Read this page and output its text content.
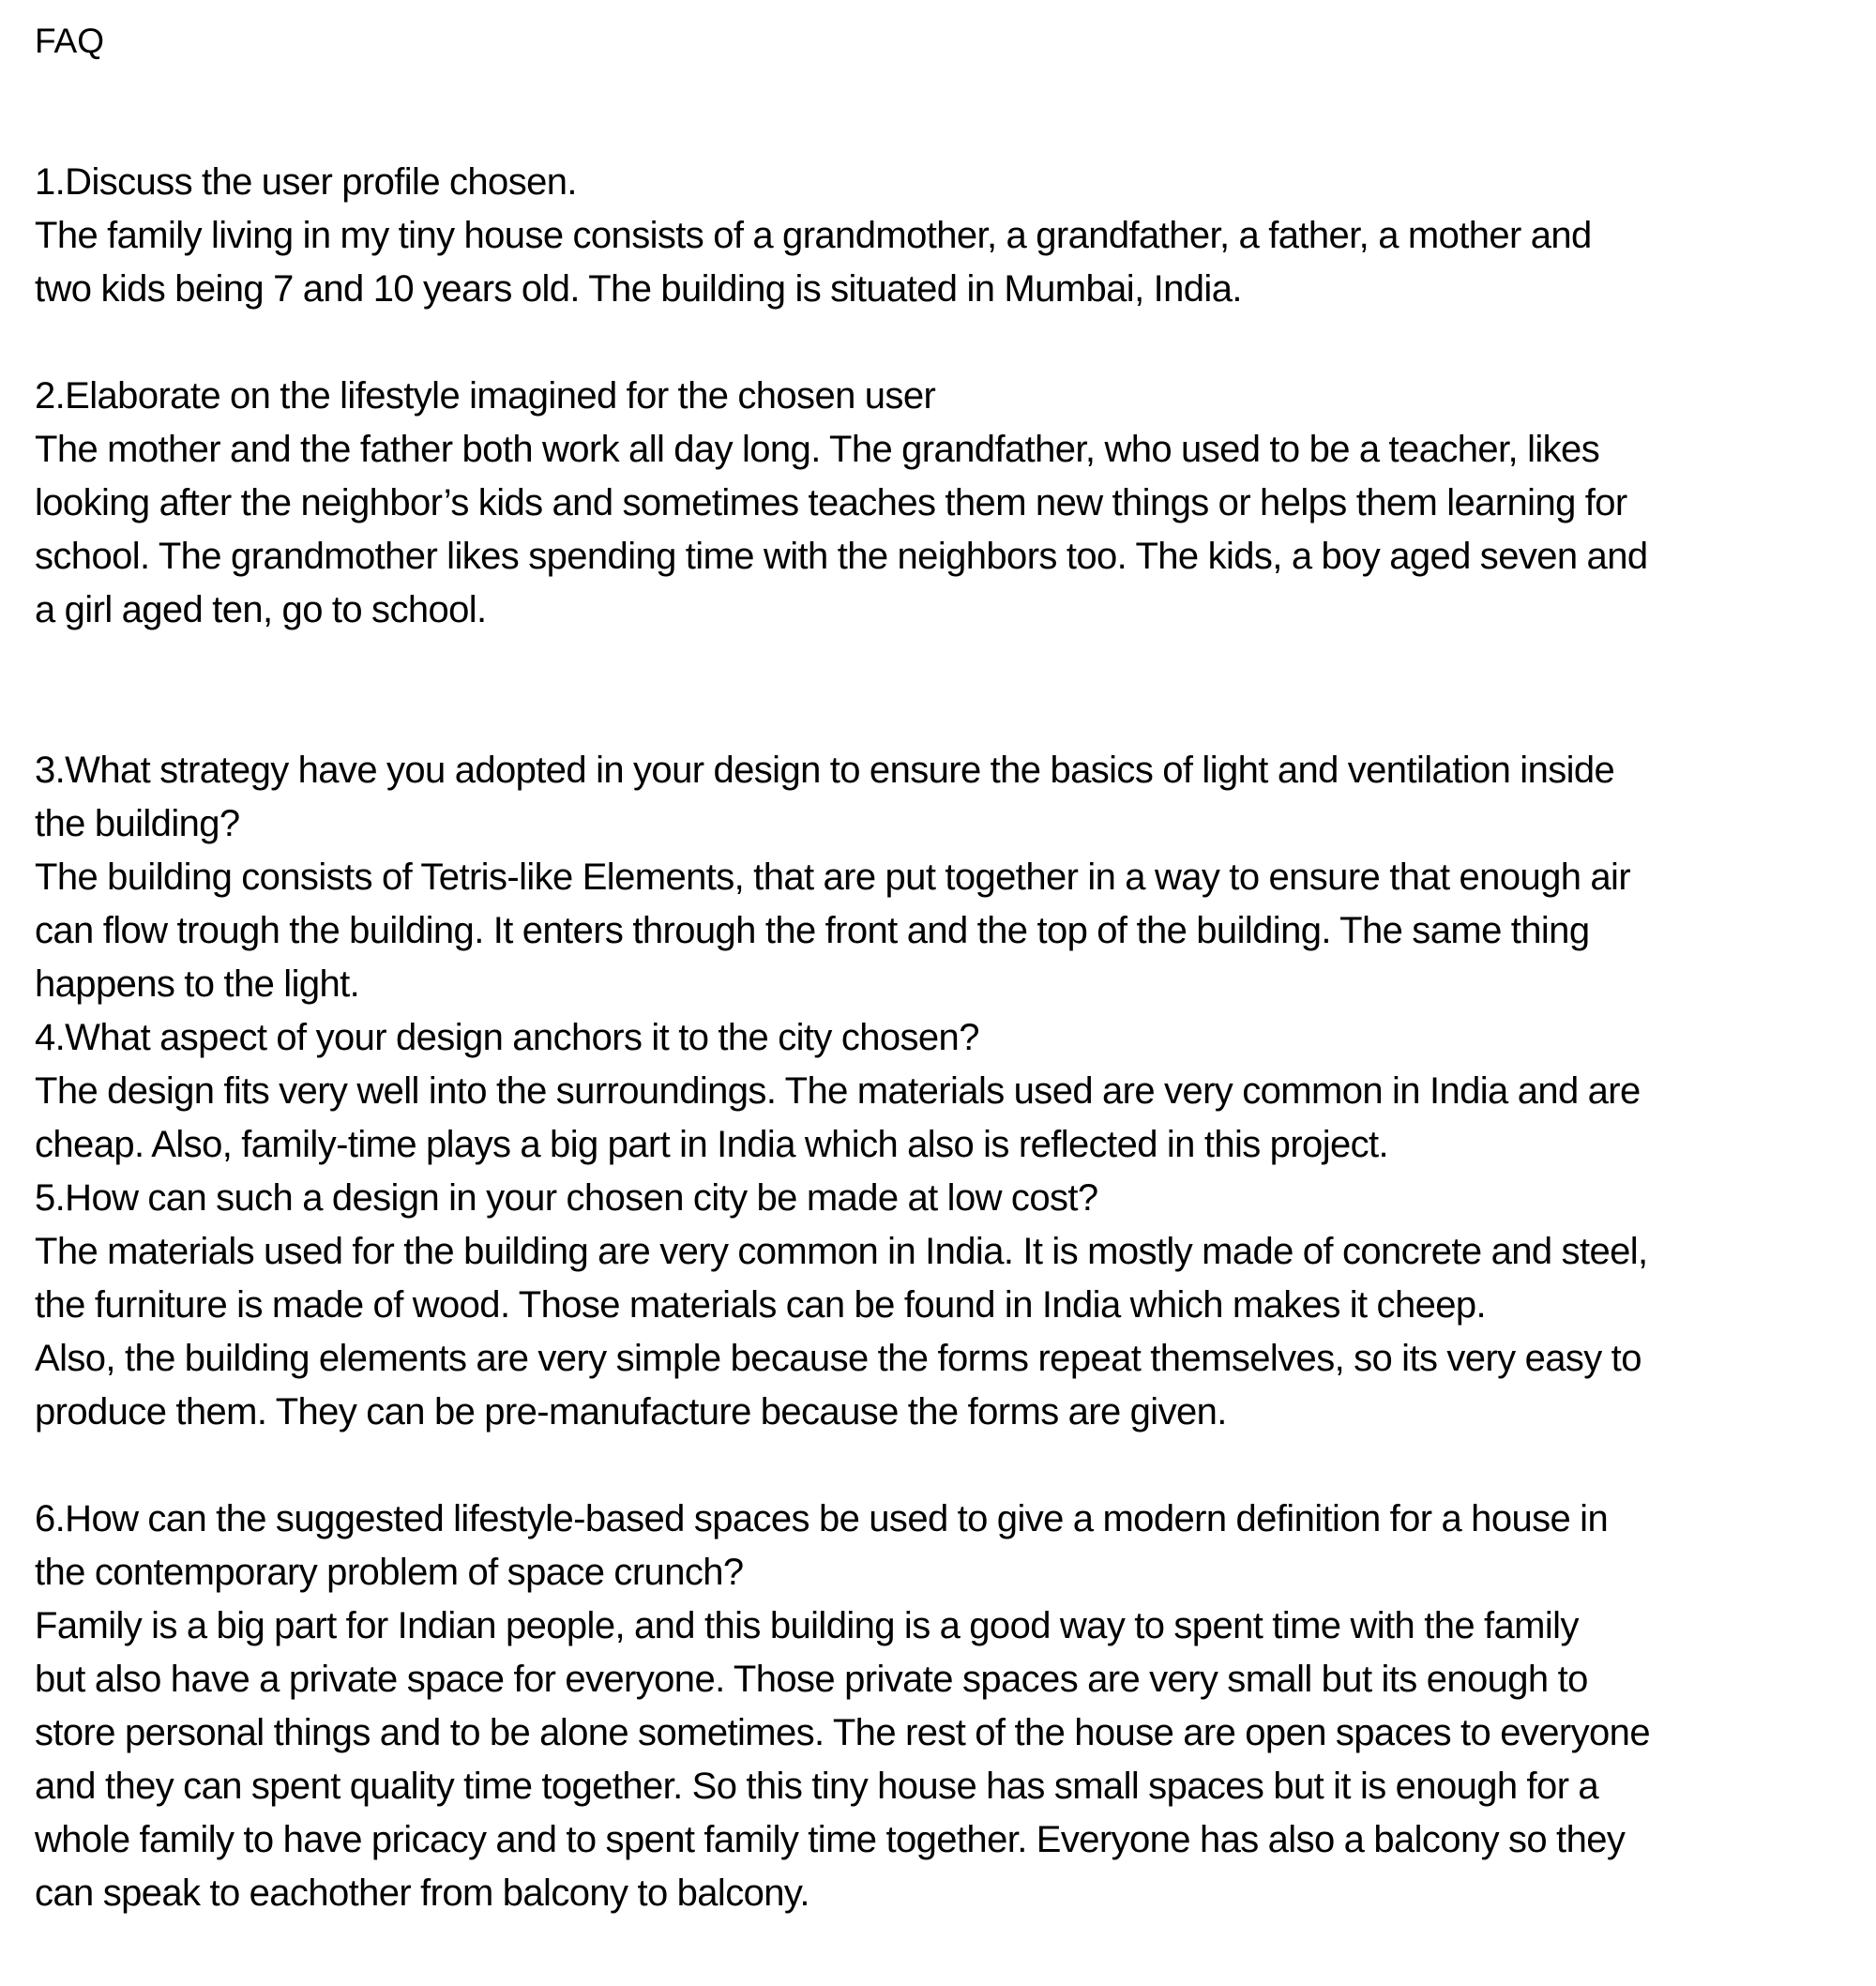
FAQ
1.Discuss the user profile chosen.
The family living in my tiny house consists of a grandmother, a grandfather, a father, a mother and
two kids being 7 and 10 years old. The building is situated in Mumbai, India.
2.Elaborate on the lifestyle imagined for the chosen user
The mother and the father both work all day long. The grandfather, who used to be a teacher, likes
looking after the neighbor’s kids and sometimes teaches them new things or helps them learning for
school. The grandmother likes spending time with the neighbors too. The kids, a boy aged seven and
a girl aged ten, go to school.
3.What strategy have you adopted in your design to ensure the basics of light and ventilation inside
the building?
The building consists of Tetris-like Elements, that are put together in a way to ensure that enough air
can flow trough the building. It enters through the front and the top of the building. The same thing
happens to the light.
4.What aspect of your design anchors it to the city chosen?
The design fits very well into the surroundings. The materials used are very common in India and are
cheap. Also, family-time plays a big part in India which also is reflected in this project.
5.How can such a design in your chosen city be made at low cost?
The materials used for the building are very common in India. It is mostly made of concrete and steel,
the furniture is made of wood. Those materials can be found in India which makes it cheep.
Also, the building elements are very simple because the forms repeat themselves, so its very easy to
produce them. They can be pre-manufacture because the forms are given.
6.How can the suggested lifestyle-based spaces be used to give a modern definition for a house in
the contemporary problem of space crunch?
Family is a big part for Indian people, and this building is a good way to spent time with the family
but also have a private space for everyone. Those private spaces are very small but its enough to
store personal things and to be alone sometimes. The rest of the house are open spaces to everyone
and they can spent quality time together. So this tiny house has small spaces but it is enough for a
whole family to have pricacy and to spent family time together. Everyone has also a balcony so they
can speak to eachother from balcony to balcony.
